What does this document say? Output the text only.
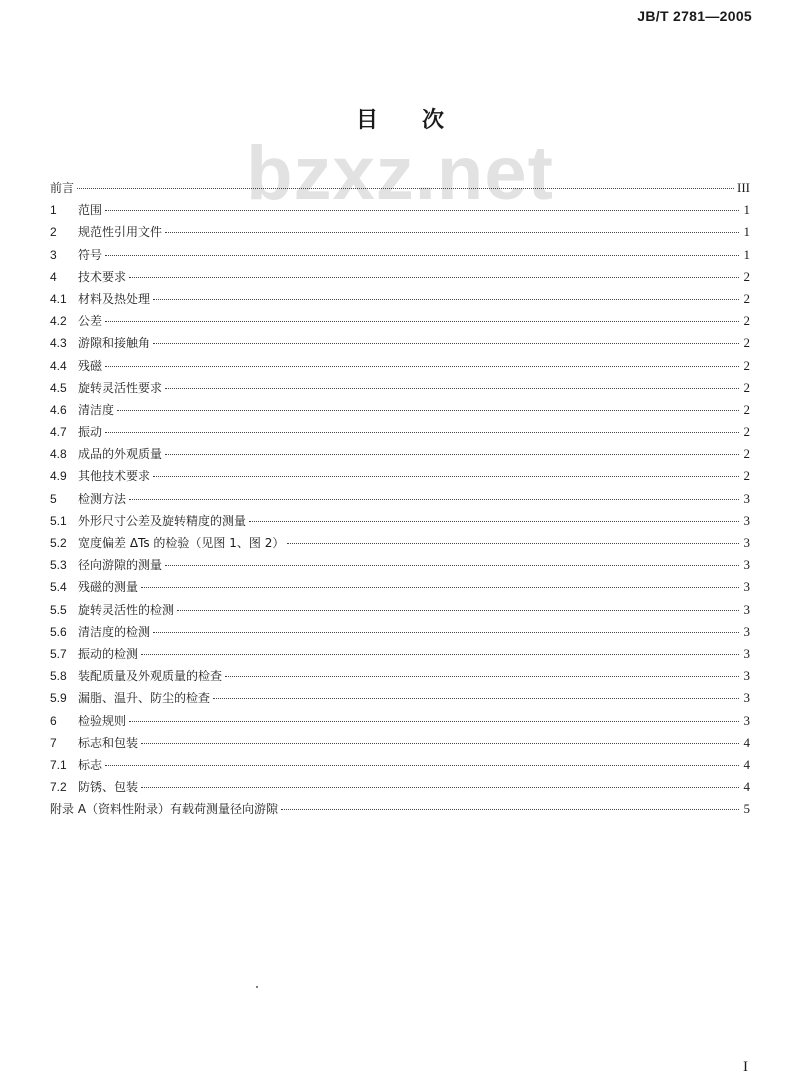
JB/T 2781—2005
bzxz.net
目次
前言	III
1	范围	1
2	规范性引用文件	1
3	符号	1
4	技术要求	2
4.1 材料及热处理	2
4.2 公差	2
4.3 游隙和接触角	2
4.4 残磁	2
4.5 旋转灵活性要求	2
4.6 清洁度	2
4.7 振动	2
4.8 成品的外观质量	2
4.9 其他技术要求	2
5	检测方法	3
5.1 外形尺寸公差及旋转精度的测量	3
5.2 宽度偏差 ΔTs 的检验（见图 1、图 2）	3
5.3 径向游隙的测量	3
5.4 残磁的测量	3
5.5 旋转灵活性的检测	3
5.6 清洁度的检测	3
5.7 振动的检测	3
5.8 装配质量及外观质量的检查	3
5.9 漏脂、温升、防尘的检查	3
6	检验规则	3
7	标志和包装	4
7.1 标志	4
7.2 防锈、包装	4
附录 A（资料性附录）有载荷测量径向游隙	5
I
